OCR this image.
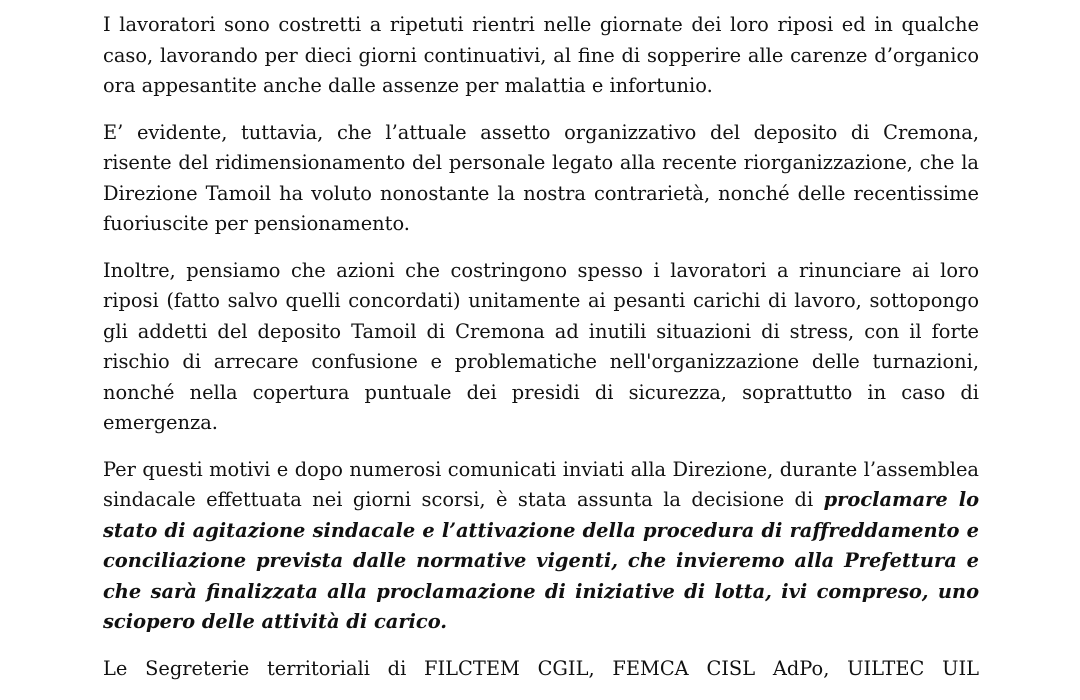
I lavoratori sono costretti a ripetuti rientri nelle giornate dei loro riposi ed in qualche caso, lavorando per dieci giorni continuativi, al fine di sopperire alle carenze d’organico ora appesantite anche dalle assenze per malattia e infortunio.

E’ evidente, tuttavia, che l’attuale assetto organizzativo del deposito di Cremona, risente del ridimensionamento del personale legato alla recente riorganizzazione, che la Direzione Tamoil ha voluto nonostante la nostra contrarietà, nonché delle recentissime fuoriuscite per pensionamento.

Inoltre, pensiamo che azioni che costringono spesso i lavoratori a rinunciare ai loro riposi (fatto salvo quelli concordati) unitamente ai pesanti carichi di lavoro, sottopongo gli addetti del deposito Tamoil di Cremona ad inutili situazioni di stress, con il forte rischio di arrecare confusione e problematiche nell'organizzazione delle turnazioni, nonché nella copertura puntuale dei presidi di sicurezza, soprattutto in caso di emergenza.

Per questi motivi e dopo numerosi comunicati inviati alla Direzione, durante l’assemblea sindacale effettuata nei giorni scorsi, è stata assunta la decisione di proclamare lo stato di agitazione sindacale e l’attivazione della procedura di raffreddamento e conciliazione prevista dalle normative vigenti, che invieremo alla Prefettura e che sarà finalizzata alla proclamazione di iniziative di lotta, ivi compreso, uno sciopero delle attività di carico.

Le Segreterie territoriali di FILCTEM CGIL, FEMCA CISL AdPo, UILTEC UIL
